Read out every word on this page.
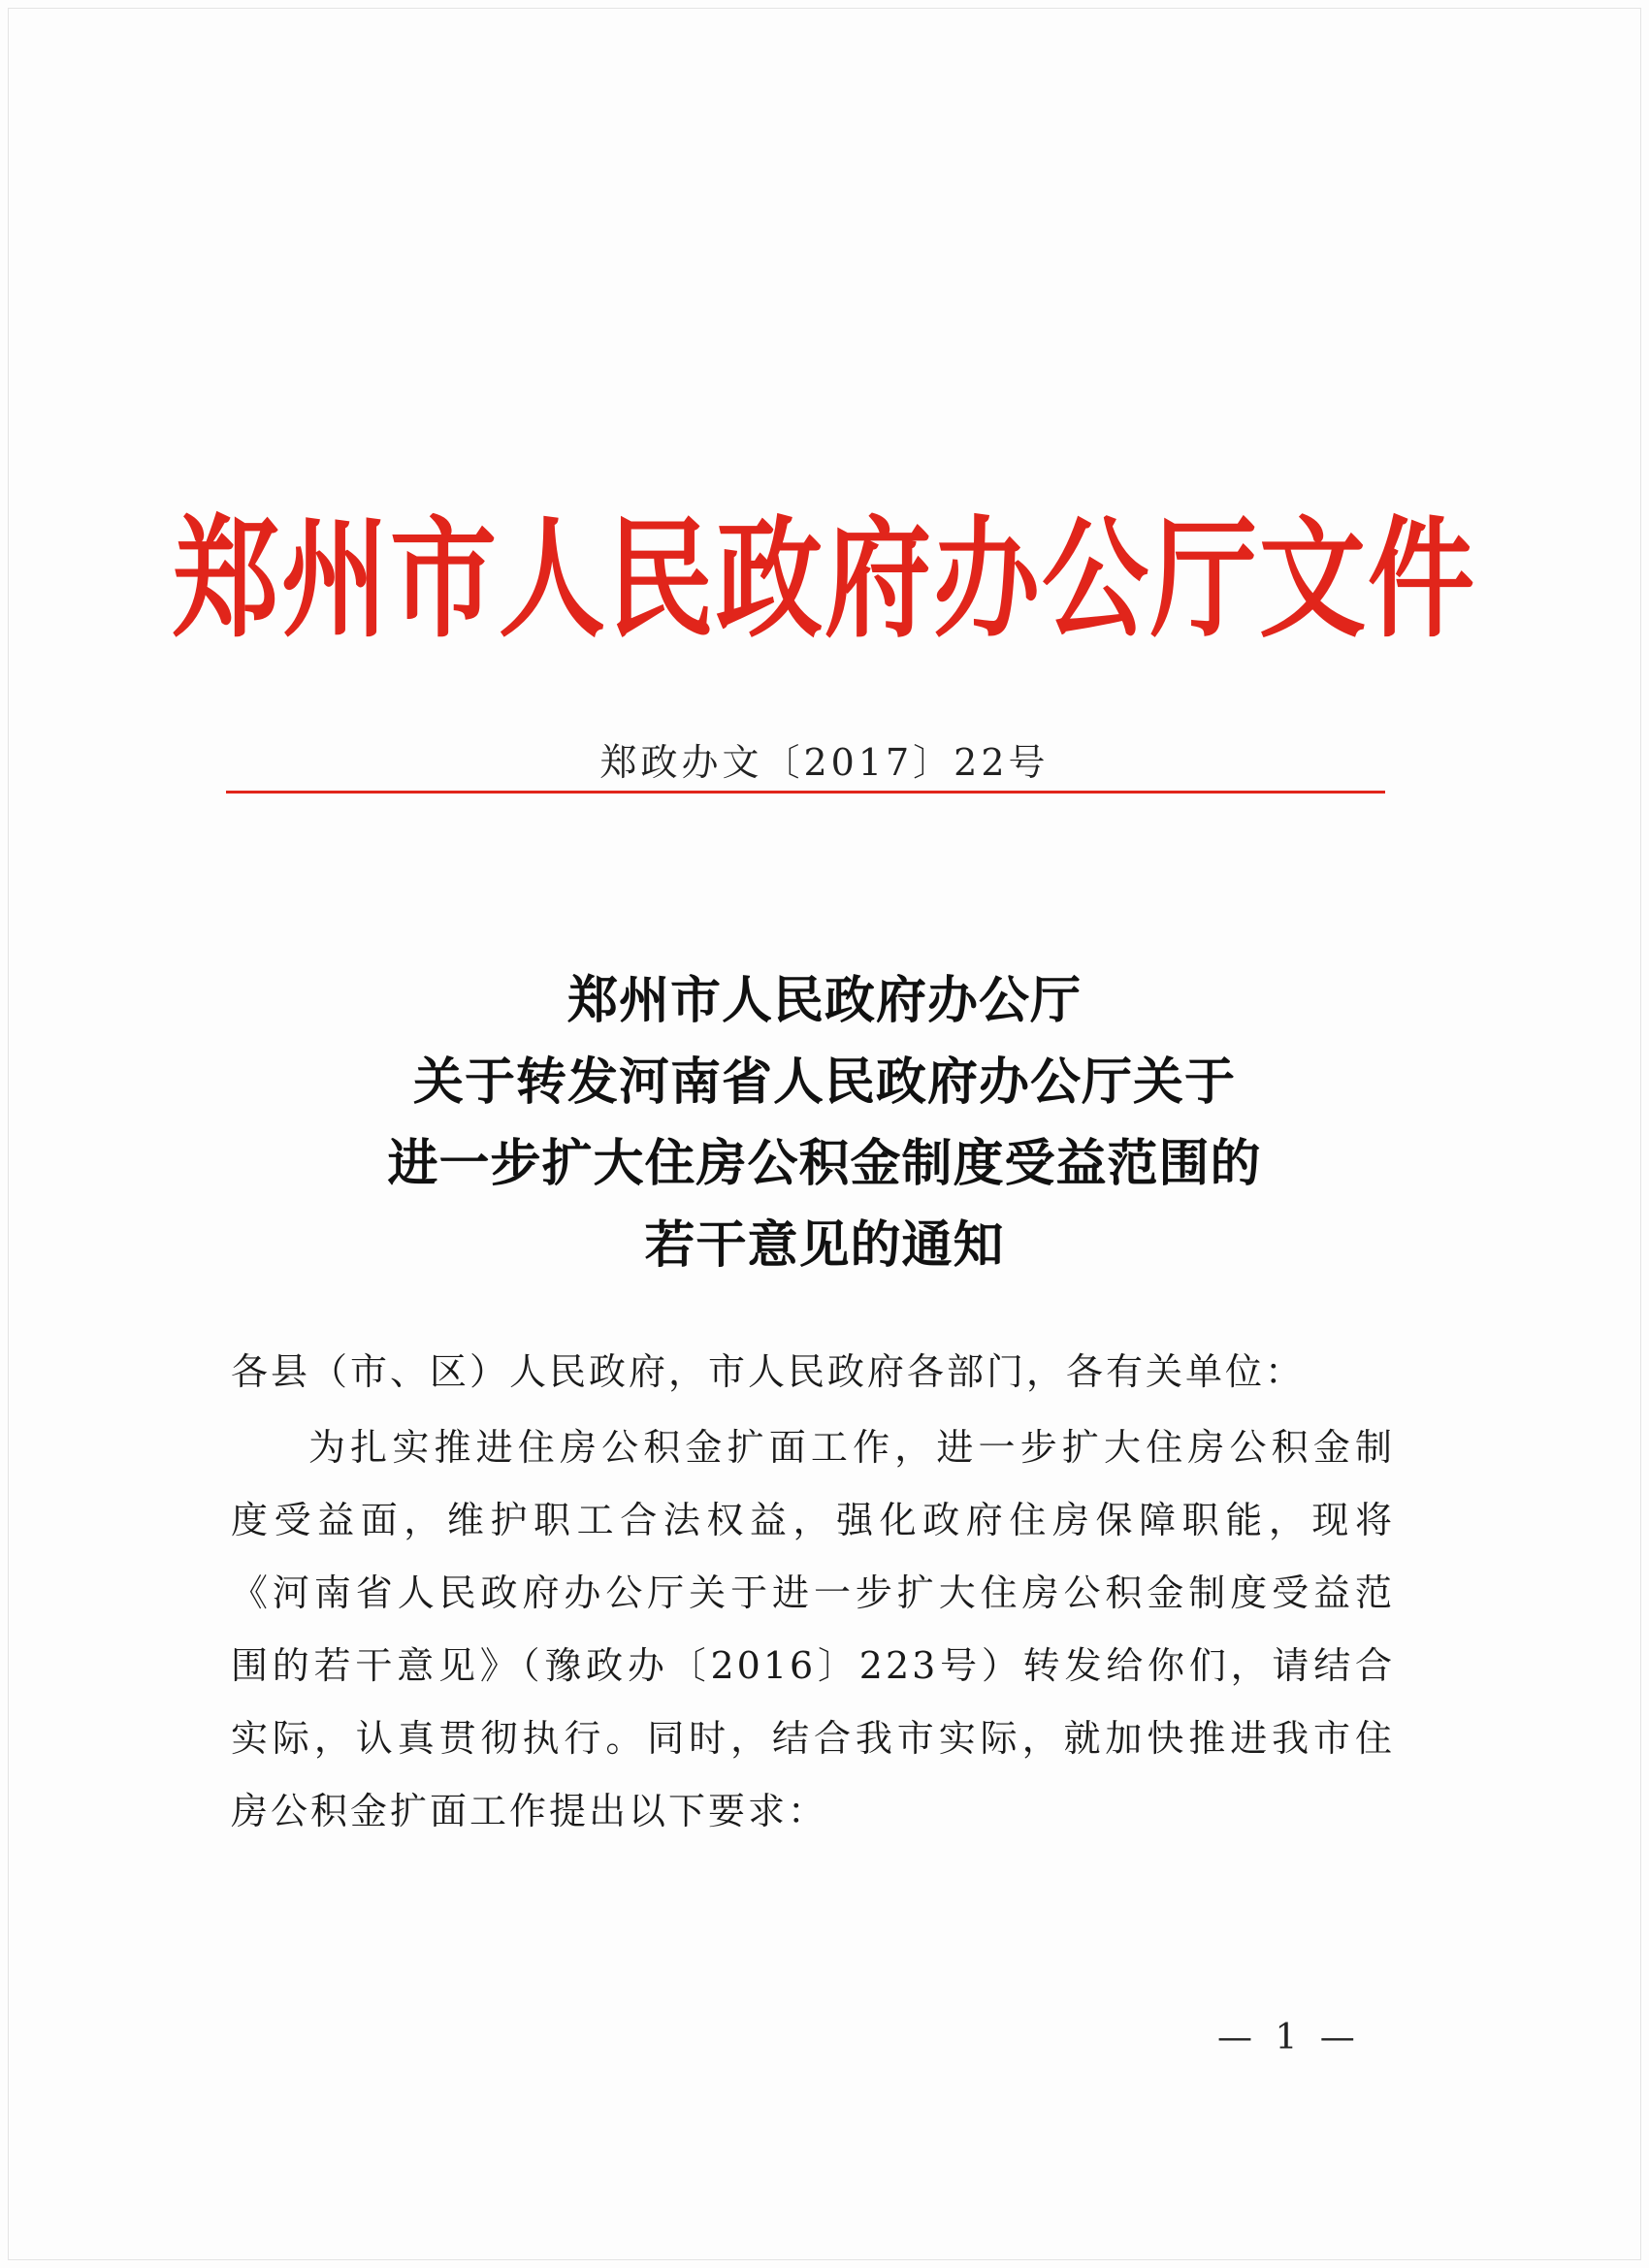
郑州市人民政府办公厅文件
郑政办文〔2017〕22号
郑州市人民政府办公厅
关于转发河南省人民政府办公厅关于
进一步扩大住房公积金制度受益范围的
若干意见的通知
各县（市、区）人民政府，市人民政府各部门，各有关单位：
为扎实推进住房公积金扩面工作，进一步扩大住房公积金制
度受益面，维护职工合法权益，强化政府住房保障职能，现将
《河南省人民政府办公厅关于进一步扩大住房公积金制度受益范
围的若干意见》（豫政办〔2016〕223号）转发给你们，请结合
实际，认真贯彻执行。同时，结合我市实际，就加快推进我市住
房公积金扩面工作提出以下要求：
— 1 —
